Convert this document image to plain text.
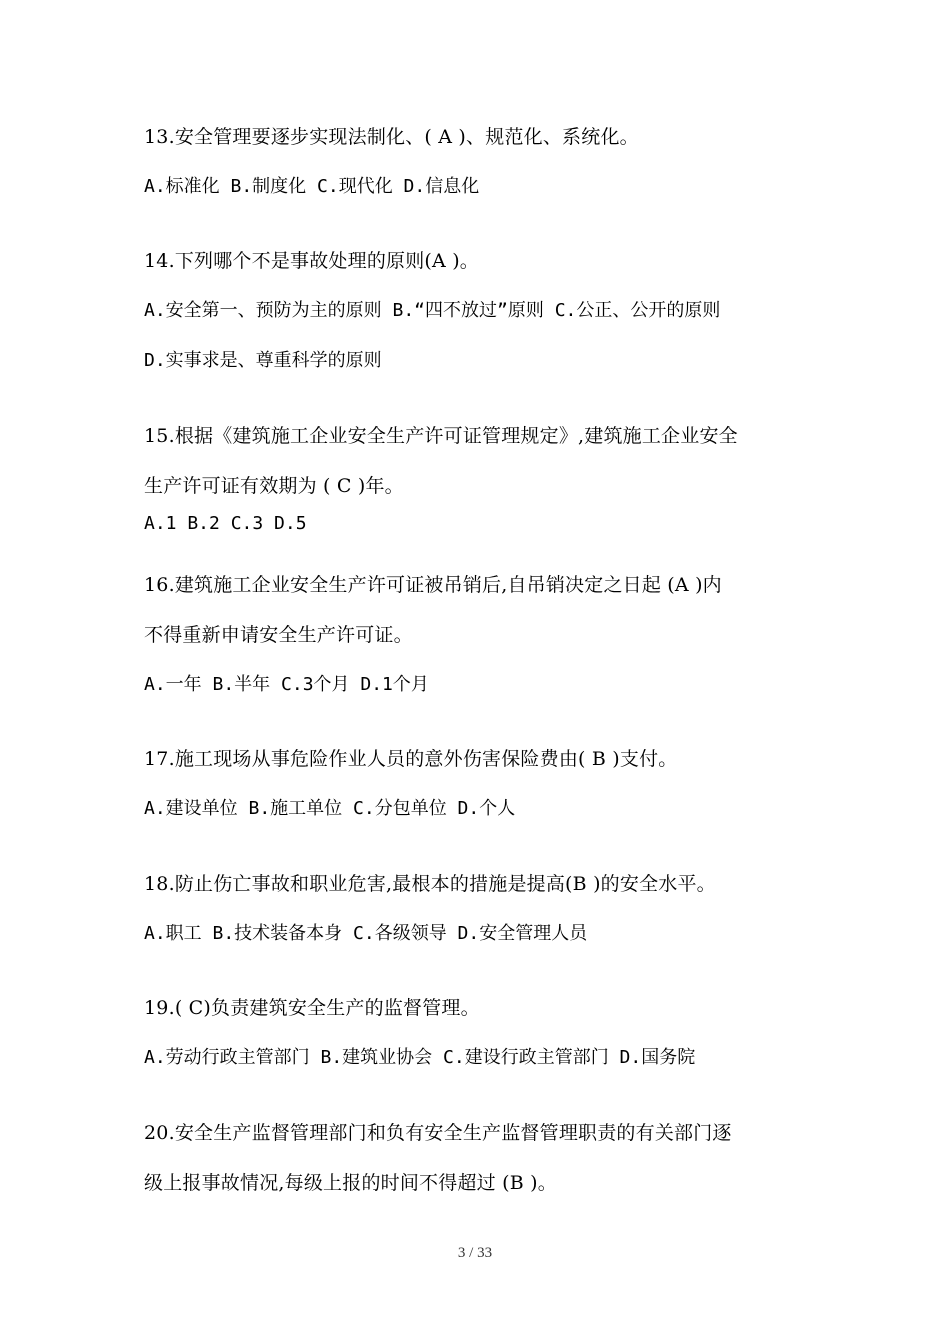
13.安全管理要逐步实现法制化、( A )、规范化、系统化。
A.标准化 B.制度化 C.现代化 D.信息化
14.下列哪个不是事故处理的原则(A )。
A.安全第一、预防为主的原则 B.“四不放过”原则 C.公正、公开的原则
D.实事求是、尊重科学的原则
15.根据《建筑施工企业安全生产许可证管理规定》,建筑施工企业安全
生产许可证有效期为 ( C )年。
A.1 B.2 C.3 D.5
16.建筑施工企业安全生产许可证被吊销后,自吊销决定之日起 (A )内
不得重新申请安全生产许可证。
A.一年 B.半年 C.3个月 D.1个月
17.施工现场从事危险作业人员的意外伤害保险费由( B )支付。
A.建设单位 B.施工单位 C.分包单位 D.个人
18.防止伤亡事故和职业危害,最根本的措施是提高(B )的安全水平。
A.职工 B.技术装备本身 C.各级领导 D.安全管理人员
19.( C)负责建筑安全生产的监督管理。
A.劳动行政主管部门 B.建筑业协会 C.建设行政主管部门 D.国务院
20.安全生产监督管理部门和负有安全生产监督管理职责的有关部门逐
级上报事故情况,每级上报的时间不得超过 (B )。
3 / 33
